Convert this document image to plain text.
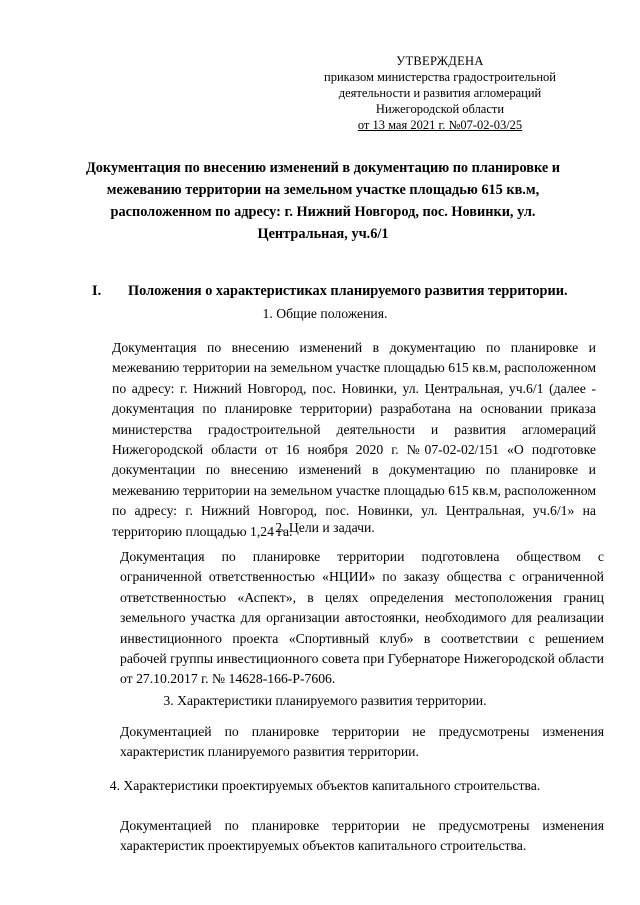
УТВЕРЖДЕНА
приказом министерства градостроительной
деятельности и развития агломераций
Нижегородской области
от 13 мая 2021 г. №07-02-03/25
Документация по внесению изменений в документацию по планировке и
межеванию территории на земельном участке площадью 615 кв.м,
расположенном по адресу: г. Нижний Новгород, пос. Новинки, ул.
Центральная, уч.6/1
I. Положения о характеристиках планируемого развития территории.
1. Общие положения.
Документация по внесению изменений в документацию по планировке и межеванию территории на земельном участке площадью 615 кв.м, расположенном по адресу: г. Нижний Новгород, пос. Новинки, ул. Центральная, уч.6/1 (далее - документация по планировке территории) разработана на основании приказа министерства градостроительной деятельности и развития агломераций Нижегородской области от 16 ноября 2020 г. №07-02-02/151 «О подготовке документации по внесению изменений в документацию по планировке и межеванию территории на земельном участке площадью 615 кв.м, расположенном по адресу: г. Нижний Новгород, пос. Новинки, ул. Центральная, уч.6/1» на территорию площадью 1,24 га.
2. Цели и задачи.
Документация по планировке территории подготовлена обществом с ограниченной ответственностью «НЦИИ» по заказу общества с ограниченной ответственностью «Аспект», в целях определения местоположения границ земельного участка для организации автостоянки, необходимого для реализации инвестиционного проекта «Спортивный клуб» в соответствии с решением рабочей группы инвестиционного совета при Губернаторе Нижегородской области от 27.10.2017 г. № 14628-166-Р-7606.
3. Характеристики планируемого развития территории.
Документацией по планировке территории не предусмотрены изменения характеристик планируемого развития территории.
4. Характеристики проектируемых объектов капитального строительства.
Документацией по планировке территории не предусмотрены изменения характеристик проектируемых объектов капитального строительства.
